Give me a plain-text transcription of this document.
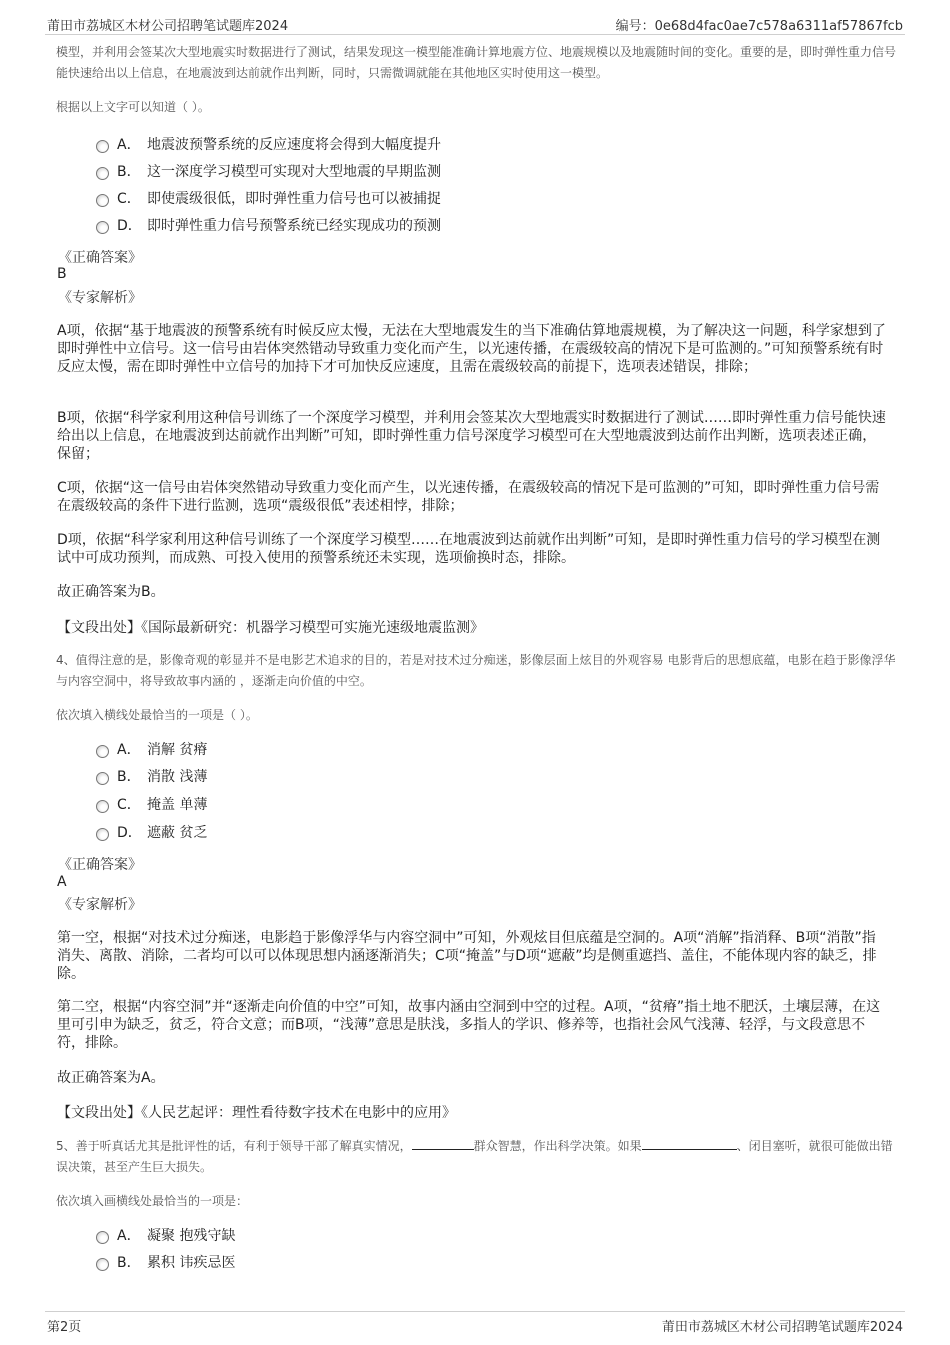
莆田市荔城区木材公司招聘笔试题库2024	编号：0e68d4fac0ae7c578a6311af57867fcb
模型，并利用会签某次大型地震实时数据进行了测试，结果发现这一模型能准确计算地震方位、地震规模以及地震随时间的变化。重要的是，即时弹性重力信号能快速给出以上信息，在地震波到达前就作出判断，同时，只需微调就能在其他地区实时使用这一模型。
根据以上文字可以知道（ ）。
A． 地震波预警系统的反应速度将会得到大幅度提升
B． 这一深度学习模型可实现对大型地震的早期监测
C． 即使震级很低，即时弹性重力信号也可以被捕捉
D． 即时弹性重力信号预警系统已经实现成功的预测
《正确答案》
B
《专家解析》
A项，依据“基于地震波的预警系统有时候反应太慢，无法在大型地震发生的当下准确估算地震规模，为了解决这一问题，科学家想到了即时弹性中立信号。这一信号由岩体突然错动导致重力变化而产生，以光速传播，在震级较高的情况下是可监测的。”可知预警系统有时反应太慢，需在即时弹性中立信号的加持下才可加快反应速度，且需在震级较高的前提下，选项表述错误，排除；
B项，依据“科学家利用这种信号训练了一个深度学习模型，并利用会签某次大型地震实时数据进行了测试……即时弹性重力信号能快速给出以上信息，在地震波到达前就作出判断”可知，即时弹性重力信号深度学习模型可在大型地震波到达前作出判断，选项表述正确，保留；
C项，依据“这一信号由岩体突然错动导致重力变化而产生，以光速传播，在震级较高的情况下是可监测的”可知，即时弹性重力信号需在震级较高的条件下进行监测，选项“震级很低”表述相悖，排除；
D项，依据“科学家利用这种信号训练了一个深度学习模型……在地震波到达前就作出判断”可知，是即时弹性重力信号的学习模型在测试中可成功预判，而成熟、可投入使用的预警系统还未实现，选项偷换时态，排除。
故正确答案为B。
【文段出处】《国际最新研究：机器学习模型可实施光速级地震监测》
4、值得注意的是，影像奇观的彰显并不是电影艺术追求的目的，若是对技术过分痴迷，影像层面上炫目的外观容易 电影背后的思想底蕴，电影在趋于影像浮华与内容空洞中，将导致故事内涵的 ，逐渐走向价值的中空。
依次填入横线处最恰当的一项是（ ）。
A． 消解 贫瘠
B． 消散 浅薄
C． 掩盖 单薄
D． 遮蔽 贫乏
《正确答案》
A
《专家解析》
第一空，根据“对技术过分痴迷，电影趋于影像浮华与内容空洞中”可知，外观炫目但底蕴是空洞的。A项“消解”指消释、B项“消散”指消失、离散、消除，二者均可以可以体现思想内涵逐渐消失；C项“掩盖”与D项“遮蔽”均是侧重遮挡、盖住，不能体现内容的缺乏，排除。
第二空，根据“内容空洞”并“逐渐走向价值的中空”可知，故事内涵由空洞到中空的过程。A项，“贫瘠”指土地不肥沃，土壤层薄，在这里可引申为缺乏，贫乏，符合文意；而B项，“浅薄”意思是肤浅，多指人的学识、修养等，也指社会风气浅薄、轻浮，与文段意思不符，排除。
故正确答案为A。
【文段出处】《人民艺起评：理性看待数字技术在电影中的应用》
5、善于听真话尤其是批评性的话，有利于领导干部了解真实情况，	群众智慧，作出科学决策。如果	、闭目塞听，就很可能做出错误决策，甚至产生巨大损失。
依次填入画横线处最恰当的一项是：
A． 凝聚 抱残守缺
B． 累积 讳疾忌医
第2页	莆田市荔城区木材公司招聘笔试题库2024
